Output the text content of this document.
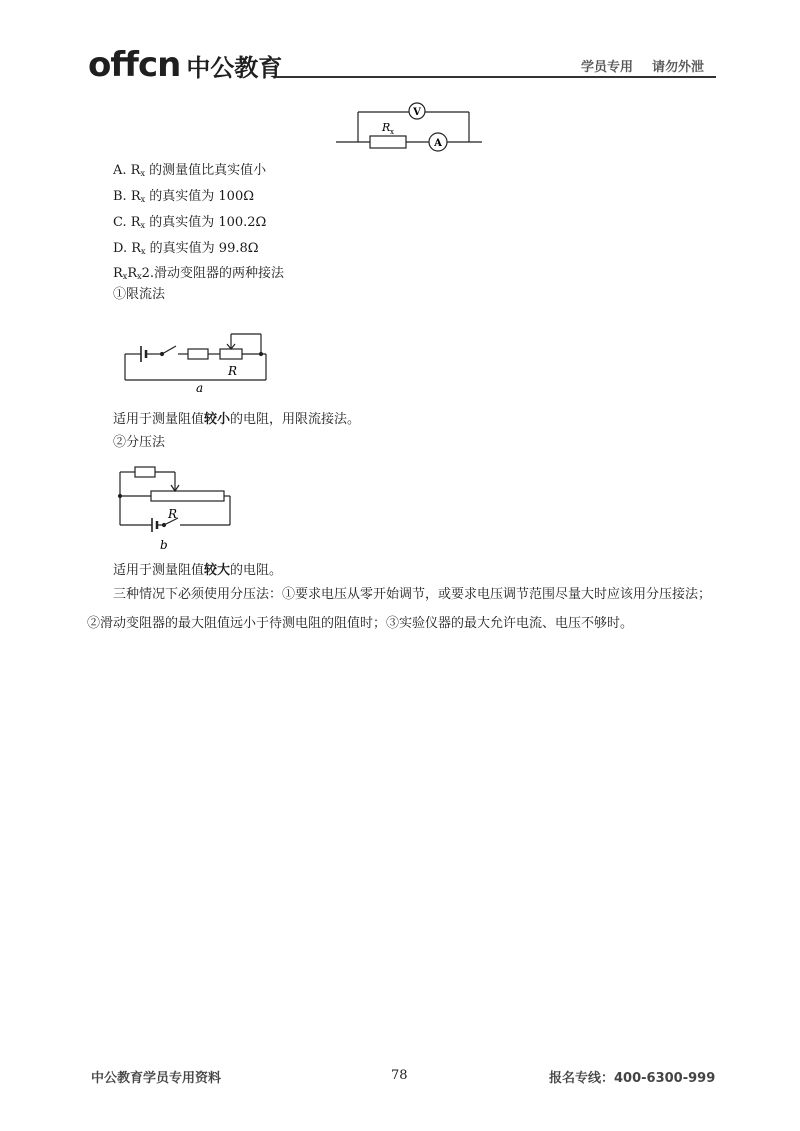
offcn 中公教育	学员专用 请勿外泄
V
A
R x
A. $R_x$ 的测量值比真实值小
B. $R_x$ 的真实值为 100Ω
C. $R_x$ 的真实值为 100.2Ω
D. $R_x$ 的真实值为 99.8Ω
$R_xR_x2$.滑动变阻器的两种接法
①限流法
R
a
适用于测量阻值较小的电阻，用限流接法。
②分压法
R
b
适用于测量阻值较大的电阻。
三种情况下必须使用分压法：①要求电压从零开始调节，或要求电压调节范围尽量大时应该用分压接法；②滑动变阻器的最大阻值远小于待测电阻的阻值时；③实验仪器的最大允许电流、电压不够时。
中公教育学员专用资料	78	报名专线：400-6300-999
